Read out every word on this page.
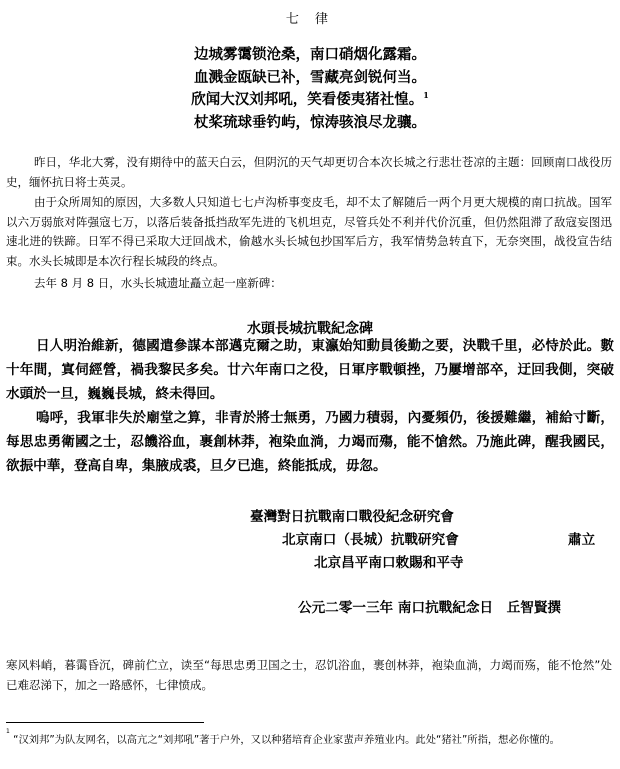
七 律
边城雾霭锁沧桑，南口硝烟化露霜。
血溅金瓯缺已补，雪藏亮剑锐何当。
欣闻大汉刘邦吼，笑看倭夷猪社惶。$^1$
杖桨琉球垂钓屿，惊涛骇浪尽龙骧。
昨日，华北大雾，没有期待中的蓝天白云，但阴沉的天气却更切合本次长城之行悲壮苍凉的主题：回顾南口战役历史，缅怀抗日将士英灵。
由于众所周知的原因，大多数人只知道七七卢沟桥事变皮毛，却不太了解随后一两个月更大规模的南口抗战。国军以六万弱旅对阵强寇七万，以落后装备抵挡敌军先进的飞机坦克，尽管兵处不利并代价沉重，但仍然阻滞了敌寇妄图迅速北进的铁蹄。日军不得已采取大迂回战术，偷越水头长城包抄国军后方，我军情势急转直下，无奈突围，战役宣告结束。水头长城即是本次行程长城段的终点。
去年 8 月 8 日，水头长城遗址矗立起一座新碑：
水頭長城抗戰紀念碑
日人明治維新，德國遣參謀本部邁克爾之助，東瀛始知動員後勤之要，決戰千里，必恃於此。數十年間，寘伺經營，禍我黎民多矣。廿六年南口之役，日軍序戰頓挫，乃屢增部卒，迂回我側，突破水頭於一旦，巍巍長城，終未得回。
嗚呼，我軍非失於廟堂之算，非青於將士無勇，乃國力積弱，內憂頻仍，後援難繼，補給寸斷，每思忠勇衛國之士，忍饑浴血，裹創林莽，袍染血淌，力竭而殤，能不愴然。乃施此碑，醒我國民，欲振中華，登高自卑，集腋成裘，旦夕已進，終能抵成，毋忽。
臺灣對日抗戰南口戰役紀念研究會
北京南口（長城）抗戰研究會	肅立
北京昌平南口敕賜和平寺
公元二零一三年 南口抗戰紀念日　丘智賢撰
寒风料峭，暮霭昏沉，碑前伫立，读至“每思忠勇卫国之士，忍饥浴血，裹创林莽，袍染血淌，力竭而殇，能不怆然”处已难忍涕下，加之一路感怀，七律愤成。
$^1$ “汉刘邦”为队友网名，以高亢之“刘邦吼”著于户外，又以种猪培育企业家蜚声养殖业内。此处“猪社”所指，想必你懂的。
